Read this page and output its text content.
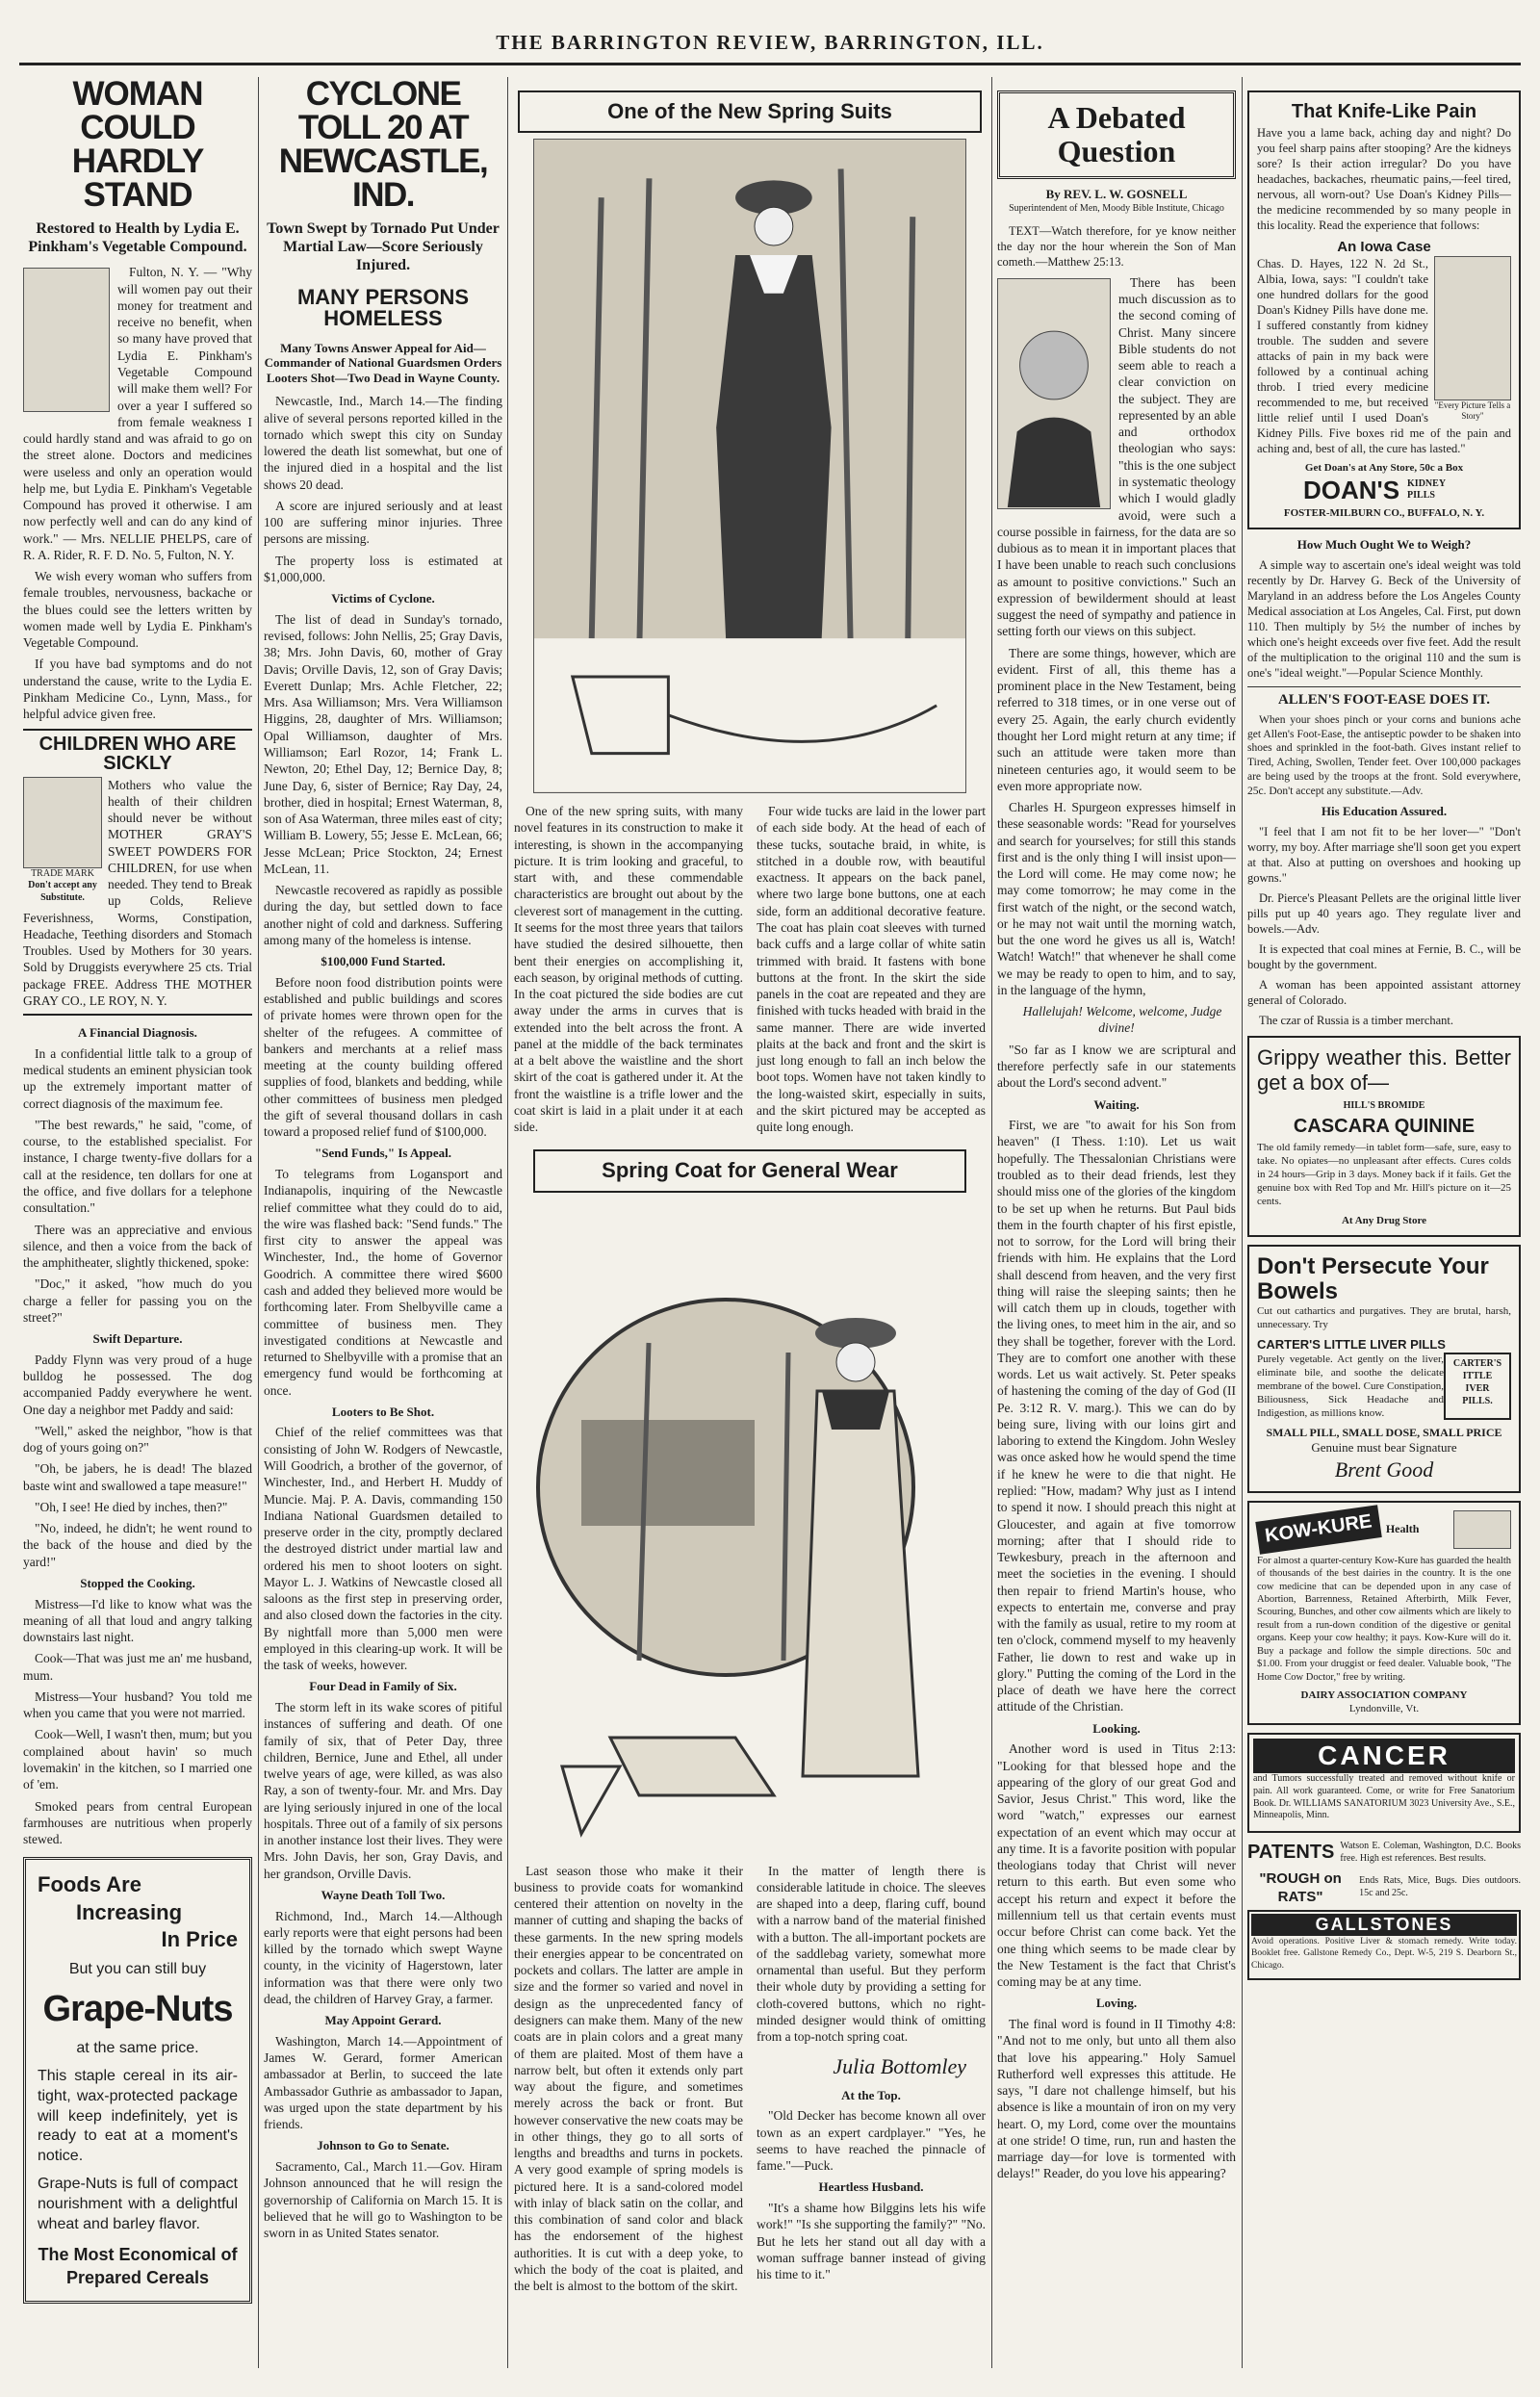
THE BARRINGTON REVIEW, BARRINGTON, ILL.
WOMAN COULD HARDLY STAND
Restored to Health by Lydia E. Pinkham's Vegetable Compound.

Fulton, N. Y. — "Why will women pay out their money for treatment and receive no benefit, when so many have proved that Lydia E. Pinkham's Vegetable Compound will make them well? For over a year I suffered so from female weakness I could hardly stand and was afraid to go on the street alone. Doctors and medicines were useless and only an operation would help me, but Lydia E. Pinkham's Vegetable Compound has proved it otherwise. I am now perfectly well and can do any kind of work." — Mrs. NELLIE PHELPS, care of R. A. Rider, R. F. D. No. 5, Fulton, N. Y.

We wish every woman who suffers from female troubles, nervousness, backache or the blues could see the letters written by women made well by Lydia E. Pinkham's Vegetable Compound.

If you have bad symptoms and do not understand the cause, write to the Lydia E. Pinkham Medicine Co., Lynn, Mass., for helpful advice given free.

CHILDREN WHO ARE SICKLY
TRADE MARK
Don't accept any Substitute.

Mothers who value the health of their children should never be without MOTHER GRAY'S SWEET POWDERS FOR CHILDREN, for use when needed. They tend to Break up Colds, Relieve Feverishness, Worms, Constipation, Headache, Teething disorders and Stomach Troubles. Used by Mothers for 30 years. Sold by Druggists everywhere 25 cts. Trial package FREE. Address THE MOTHER GRAY CO., LE ROY, N. Y.

A Financial Diagnosis.

In a confidential little talk to a group of medical students an eminent physician took up the extremely important matter of correct diagnosis of the maximum fee.

"The best rewards," he said, "come, of course, to the established specialist. For instance, I charge twenty-five dollars for a call at the residence, ten dollars for one at the office, and five dollars for a telephone consultation."

There was an appreciative and envious silence, and then a voice from the back of the amphitheater, slightly thickened, spoke:

"Doc," it asked, "how much do you charge a feller for passing you on the street?"

Swift Departure.

Paddy Flynn was very proud of a huge bulldog he possessed. The dog accompanied Paddy everywhere he went. One day a neighbor met Paddy and said:

"Well," asked the neighbor, "how is that dog of yours going on?"

"Oh, be jabers, he is dead! The blazed baste wint and swallowed a tape measure!"

"Oh, I see! He died by inches, then?"

"No, indeed, he didn't; he went round to the back of the house and died by the yard!"

Stopped the Cooking.

Mistress—I'd like to know what was the meaning of all that loud and angry talking downstairs last night.

Cook—That was just me an' me husband, mum.

Mistress—Your husband? You told me when you came that you were not married.

Cook—Well, I wasn't then, mum; but you complained about havin' so much lovemakin' in the kitchen, so I married one of 'em.

Smoked pears from central European farmhouses are nutritious when properly stewed.

Foods Are
Increasing
In Price
But you can still buy
Grape-Nuts
at the same price.

This staple cereal in its air-tight, wax-protected package will keep indefinitely, yet is ready to eat at a moment's notice.

Grape-Nuts is full of compact nourishment with a delightful wheat and barley flavor.

The Most Economical of Prepared Cereals
CYCLONE TOLL 20 AT NEWCASTLE, IND.
Town Swept by Tornado Put Under Martial Law—Score Seriously Injured.
MANY PERSONS HOMELESS
Many Towns Answer Appeal for Aid—Commander of National Guardsmen Orders Looters Shot—Two Dead in Wayne County.

Newcastle, Ind., March 14.—The finding alive of several persons reported killed in the tornado which swept this city on Sunday lowered the death list somewhat, but one of the injured died in a hospital and the list shows 20 dead.

A score are injured seriously and at least 100 are suffering minor injuries. Three persons are missing.

The property loss is estimated at $1,000,000.

Victims of Cyclone.

The list of dead in Sunday's tornado, revised, follows: John Nellis, 25; Gray Davis, 38; Mrs. John Davis, 60, mother of Gray Davis; Orville Davis, 12, son of Gray Davis; Everett Dunlap; Mrs. Achle Fletcher, 22; Mrs. Asa Williamson; Mrs. Vera Williamson Higgins, 28, daughter of Mrs. Williamson; Opal Williamson, daughter of Mrs. Williamson; Earl Rozor, 14; Frank L. Newton, 20; Ethel Day, 12; Bernice Day, 8; June Day, 6, sister of Bernice; Ray Day, 24, brother, died in hospital; Ernest Waterman, 8, son of Asa Waterman, three miles east of city; William B. Lowery, 55; Jesse E. McLean, 66; Jesse McLean; Price Stockton, 24; Ernest McLean, 11.

Newcastle recovered as rapidly as possible during the day, but settled down to face another night of cold and darkness. Suffering among many of the homeless is intense.

$100,000 Fund Started.

Before noon food distribution points were established and public buildings and scores of private homes were thrown open for the shelter of the refugees. A committee of bankers and merchants at a relief mass meeting at the county building offered supplies of food, blankets and bedding, while other committees of business men pledged the gift of several thousand dollars in cash toward a proposed relief fund of $100,000.

"Send Funds," Is Appeal.

To telegrams from Logansport and Indianapolis, inquiring of the Newcastle relief committee what they could do to aid, the wire was flashed back: "Send funds." The first city to answer the appeal was Winchester, Ind., the home of Governor Goodrich. A committee there wired $600 cash and added they believed more would be forthcoming later. From Shelbyville came a committee of business men. They investigated conditions at Newcastle and returned to Shelbyville with a promise that an emergency fund would be forthcoming at once.

Looters to Be Shot.

Chief of the relief committees was that consisting of John W. Rodgers of Newcastle, Will Goodrich, a brother of the governor, of Winchester, Ind., and Herbert H. Muddy of Muncie. Maj. P. A. Davis, commanding 150 Indiana National Guardsmen detailed to preserve order in the city, promptly declared the destroyed district under martial law and ordered his men to shoot looters on sight. Mayor L. J. Watkins of Newcastle closed all saloons as the first step in preserving order, and also closed down the factories in the city. By nightfall more than 5,000 men were employed in this clearing-up work. It will be the task of weeks, however.

Four Dead in Family of Six.

The storm left in its wake scores of pitiful instances of suffering and death. Of one family of six, that of Peter Day, three children, Bernice, June and Ethel, all under twelve years of age, were killed, as was also Ray, a son of twenty-four. Mr. and Mrs. Day are lying seriously injured in one of the local hospitals. Three out of a family of six persons in another instance lost their lives. They were Mrs. John Davis, her son, Gray Davis, and her grandson, Orville Davis.

Wayne Death Toll Two.

Richmond, Ind., March 14.—Although early reports were that eight persons had been killed by the tornado which swept Wayne county, in the vicinity of Hagerstown, later information was that there were only two dead, the children of Harvey Gray, a farmer.

May Appoint Gerard.

Washington, March 14.—Appointment of James W. Gerard, former American ambassador at Berlin, to succeed the late Ambassador Guthrie as ambassador to Japan, was urged upon the state department by his friends.

Johnson to Go to Senate.

Sacramento, Cal., March 11.—Gov. Hiram Johnson announced that he will resign the governorship of California on March 15. It is believed that he will go to Washington to be sworn in as United States senator.

One of the New Spring Suits

One of the new spring suits, with many novel features in its construction to make it interesting, is shown in the accompanying picture. It is trim looking and graceful, to start with, and these commendable characteristics are brought out about by the cleverest sort of management in the cutting. It seems for the most three years that tailors have studied the desired silhouette, then bent their energies on accomplishing it, each season, by original methods of cutting. In the coat pictured the side bodies are cut away under the arms in curves that is extended into the belt across the front. A panel at the middle of the back terminates at a belt above the waistline and the short skirt of the coat is gathered under it. At the front the waistline is a trifle lower and the coat skirt is laid in a plait under it at each side.

Four wide tucks are laid in the lower part of each side body. At the head of each of these tucks, soutache braid, in white, is stitched in a double row, with beautiful exactness. It appears on the back panel, where two large bone buttons, one at each side, form an additional decorative feature. The coat has plain coat sleeves with turned back cuffs and a large collar of white satin trimmed with braid. It fastens with bone buttons at the front. In the skirt the side panels in the coat are repeated and they are finished with tucks headed with braid in the same manner. There are wide inverted plaits at the back and front and the skirt is just long enough to fall an inch below the boot tops. Women have not taken kindly to the long-waisted skirt, especially in suits, and the skirt pictured may be accepted as quite long enough.

Spring Coat for General Wear

Last season those who make it their business to provide coats for womankind centered their attention on novelty in the manner of cutting and shaping the backs of these garments. In the new spring models their energies appear to be concentrated on pockets and collars. The latter are ample in size and the former so varied and novel in design as the unprecedented fancy of designers can make them. Many of the new coats are in plain colors and a great many of them are plaited. Most of them have a narrow belt, but often it extends only part way about the figure, and sometimes merely across the back or front. But however conservative the new coats may be in other things, they go to all sorts of lengths and breadths and turns in pockets. A very good example of spring models is pictured here. It is a sand-colored model with inlay of black satin on the collar, and this combination of sand color and black has the endorsement of the highest authorities. It is cut with a deep yoke, to which the body of the coat is plaited, and the belt is almost to the bottom of the skirt.

In the matter of length there is considerable latitude in choice. The sleeves are shaped into a deep, flaring cuff, bound with a narrow band of the material finished with a button. The all-important pockets are of the saddlebag variety, somewhat more ornamental than useful. But they perform their whole duty by providing a setting for cloth-covered buttons, which no right-minded designer would think of omitting from a top-notch spring coat.

Julia Bottomley
At the Top.

"Old Decker has become known all over town as an expert cardplayer." "Yes, he seems to have reached the pinnacle of fame."—Puck.

Heartless Husband.

"It's a shame how Bilggins lets his wife work!" "Is she supporting the family?" "No. But he lets her stand out all day with a woman suffrage banner instead of giving his time to it."

A Debated
Question
By REV. L. W. GOSNELL
Superintendent of Men, Moody Bible Institute, Chicago

TEXT—Watch therefore, for ye know neither the day nor the hour wherein the Son of Man cometh.—Matthew 25:13.

There has been much discussion as to the second coming of Christ. Many sincere Bible students do not seem able to reach a clear conviction on the subject. They are represented by an able and orthodox theologian who says: "this is the one subject in systematic theology which I would gladly avoid, were such a course possible in fairness, for the data are so dubious as to mean it in important places that I have been unable to reach such conclusions as amount to positive convictions." Such an expression of bewilderment should at least suggest the need of sympathy and patience in setting forth our views on this subject.

There are some things, however, which are evident. First of all, this theme has a prominent place in the New Testament, being referred to 318 times, or in one verse out of every 25. Again, the early church evidently thought her Lord might return at any time; if such an attitude were taken more than nineteen centuries ago, it would seem to be even more appropriate now.

Charles H. Spurgeon expresses himself in these seasonable words: "Read for yourselves and search for yourselves; for still this stands first and is the only thing I will insist upon—the Lord will come. He may come now; he may come tomorrow; he may come in the first watch of the night, or the second watch, or he may not wait until the morning watch, but the one word he gives us all is, Watch! Watch! Watch!" that whenever he shall come we may be ready to open to him, and to say, in the language of the hymn,

Hallelujah! Welcome, welcome, Judge divine!

"So far as I know we are scriptural and therefore perfectly safe in our statements about the Lord's second advent."

Waiting.

First, we are "to await for his Son from heaven" (I Thess. 1:10). Let us wait hopefully. The Thessalonian Christians were troubled as to their dead friends, lest they should miss one of the glories of the kingdom to be set up when he returns. But Paul bids them in the fourth chapter of his first epistle, not to sorrow, for the Lord will bring their friends with him. He explains that the Lord shall descend from heaven, and the very first thing will raise the sleeping saints; then he will catch them up in clouds, together with the living ones, to meet him in the air, and so they shall be together, forever with the Lord. They are to comfort one another with these words. Let us wait actively. St. Peter speaks of hastening the coming of the day of God (II Pe. 3:12 R. V. marg.). This we can do by being sure, living with our loins girt and laboring to extend the Kingdom. John Wesley was once asked how he would spend the time if he knew he were to die that night. He replied: "How, madam? Why just as I intend to spend it now. I should preach this night at Gloucester, and again at five tomorrow morning; after that I should ride to Tewkesbury, preach in the afternoon and meet the societies in the evening. I should then repair to friend Martin's house, who expects to entertain me, converse and pray with the family as usual, retire to my room at ten o'clock, commend myself to my heavenly Father, lie down to rest and wake up in glory." Putting the coming of the Lord in the place of death we have here the correct attitude of the Christian.

Looking.

Another word is used in Titus 2:13: "Looking for that blessed hope and the appearing of the glory of our great God and Savior, Jesus Christ." This word, like the word "watch," expresses our earnest expectation of an event which may occur at any time. It is a favorite position with popular theologians today that Christ will never return to this earth. But even some who accept his return and expect it before the millennium tell us that certain events must occur before Christ can come back. Yet the one thing which seems to be made clear by the New Testament is the fact that Christ's coming may be at any time.

Loving.

The final word is found in II Timothy 4:8: "And not to me only, but unto all them also that love his appearing." Holy Samuel Rutherford well expresses this attitude. He says, "I dare not challenge himself, but his absence is like a mountain of iron on my very heart. O, my Lord, come over the mountains at one stride! O time, run, run and hasten the marriage day—for love is tormented with delays!" Reader, do you love his appearing?

That Knife-Like Pain

Have you a lame back, aching day and night? Do you feel sharp pains after stooping? Are the kidneys sore? Is their action irregular? Do you have headaches, backaches, rheumatic pains,—feel tired, nervous, all worn-out? Use Doan's Kidney Pills—the medicine recommended by so many people in this locality. Read the experience that follows:

An Iowa Case
"Every Picture Tells a Story"

Chas. D. Hayes, 122 N. 2d St., Albia, Iowa, says: "I couldn't take one hundred dollars for the good Doan's Kidney Pills have done me. I suffered constantly from kidney trouble. The sudden and severe attacks of pain in my back were followed by a continual aching throb. I tried every medicine recommended to me, but received little relief until I used Doan's Kidney Pills. Five boxes rid me of the pain and aching and, best of all, the cure has lasted."

Get Doan's at Any Store, 50c a Box
DOAN'S KIDNEY PILLS
FOSTER-MILBURN CO., BUFFALO, N. Y.
How Much Ought We to Weigh?

A simple way to ascertain one's ideal weight was told recently by Dr. Harvey G. Beck of the University of Maryland in an address before the Los Angeles County Medical association at Los Angeles, Cal. First, put down 110. Then multiply by 5½ the number of inches by which one's height exceeds over five feet. Add the result of the multiplication to the original 110 and the sum is one's "ideal weight."—Popular Science Monthly.

ALLEN'S FOOT-EASE DOES IT.

When your shoes pinch or your corns and bunions ache get Allen's Foot-Ease, the antiseptic powder to be shaken into shoes and sprinkled in the foot-bath. Gives instant relief to Tired, Aching, Swollen, Tender feet. Over 100,000 packages are being used by the troops at the front. Sold everywhere, 25c. Don't accept any substitute.—Adv.

His Education Assured.

"I feel that I am not fit to be her lover—" "Don't worry, my boy. After marriage she'll soon get you expert at that. Also at putting on overshoes and hooking up gowns."

Dr. Pierce's Pleasant Pellets are the original little liver pills put up 40 years ago. They regulate liver and bowels.—Adv.

It is expected that coal mines at Fernie, B. C., will be bought by the government.

A woman has been appointed assistant attorney general of Colorado.

The czar of Russia is a timber merchant.

Grippy weather this. Better get a box of—
HILL'S BROMIDE
CASCARA QUININE

The old family remedy—in tablet form—safe, sure, easy to take. No opiates—no unpleasant after effects. Cures colds in 24 hours—Grip in 3 days. Money back if it fails. Get the genuine box with Red Top and Mr. Hill's picture on it—25 cents.

At Any Drug Store
Don't Persecute Your Bowels

Cut out cathartics and purgatives. They are brutal, harsh, unnecessary. Try

CARTER'S LITTLE LIVER PILLS
CARTER'S ITTLE IVER PILLS.

Purely vegetable. Act gently on the liver, eliminate bile, and soothe the delicate membrane of the bowel. Cure Constipation, Biliousness, Sick Headache and Indigestion, as millions know.

SMALL PILL, SMALL DOSE, SMALL PRICE
Genuine must bear Signature
Brent Good
KOW-KURE	Health

For almost a quarter-century Kow-Kure has guarded the health of thousands of the best dairies in the country. It is the one cow medicine that can be depended upon in any case of Abortion, Barrenness, Retained Afterbirth, Milk Fever, Scouring, Bunches, and other cow ailments which are likely to result from a run-down condition of the digestive or genital organs. Keep your cow healthy; it pays. Kow-Kure will do it. Buy a package and follow the simple directions. 50c and $1.00. From your druggist or feed dealer. Valuable book, "The Home Cow Doctor," free by writing.

DAIRY ASSOCIATION COMPANY
Lyndonville, Vt.
CANCER

and Tumors successfully treated and removed without knife or pain. All work guaranteed. Come, or write for Free Sanatorium Book. Dr. WILLIAMS SANATORIUM 3023 University Ave., S.E., Minneapolis, Minn.

PATENTS Watson E. Coleman, Washington, D.C. Books free. High est references. Best results.
"ROUGH on RATS"
Ends Rats, Mice, Bugs. Dies outdoors. 15c and 25c.
GALLSTONES

Avoid operations. Positive Liver & stomach remedy. Write today. Booklet free. Gallstone Remedy Co., Dept. W-5, 219 S. Dearborn St., Chicago.
